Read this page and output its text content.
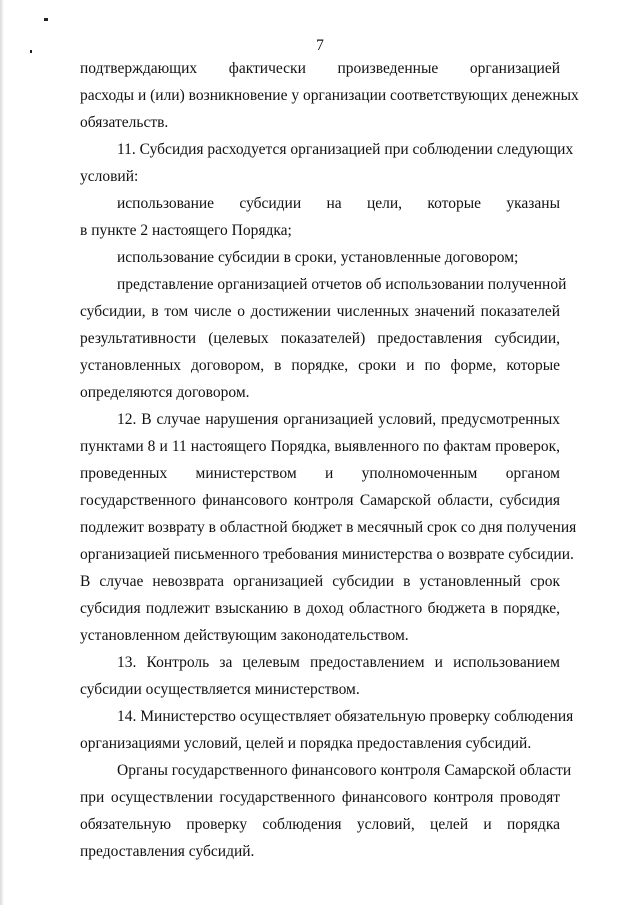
7
подтверждающих фактически произведенные организацией
расходы и (или) возникновение у организации соответствующих денежных
обязательств.
11. Субсидия расходуется организацией при соблюдении следующих
условий:
использование субсидии на цели, которые указаны
в пункте 2 настоящего Порядка;
использование субсидии в сроки, установленные договором;
представление организацией отчетов об использовании полученной
субсидии, в том числе о достижении численных значений показателей
результативности (целевых показателей) предоставления субсидии,
установленных договором, в порядке, сроки и по форме, которые
определяются договором.
12. В случае нарушения организацией условий, предусмотренных
пунктами 8 и 11 настоящего Порядка, выявленного по фактам проверок,
проведенных министерством и уполномоченным органом
государственного финансового контроля Самарской области, субсидия
подлежит возврату в областной бюджет в месячный срок со дня получения
организацией письменного требования министерства о возврате субсидии.
В случае невозврата организацией субсидии в установленный срок
субсидия подлежит взысканию в доход областного бюджета в порядке,
установленном действующим законодательством.
13. Контроль за целевым предоставлением и использованием
субсидии осуществляется министерством.
14. Министерство осуществляет обязательную проверку соблюдения
организациями условий, целей и порядка предоставления субсидий.
Органы государственного финансового контроля Самарской области
при осуществлении государственного финансового контроля проводят
обязательную проверку соблюдения условий, целей и порядка
предоставления субсидий.
